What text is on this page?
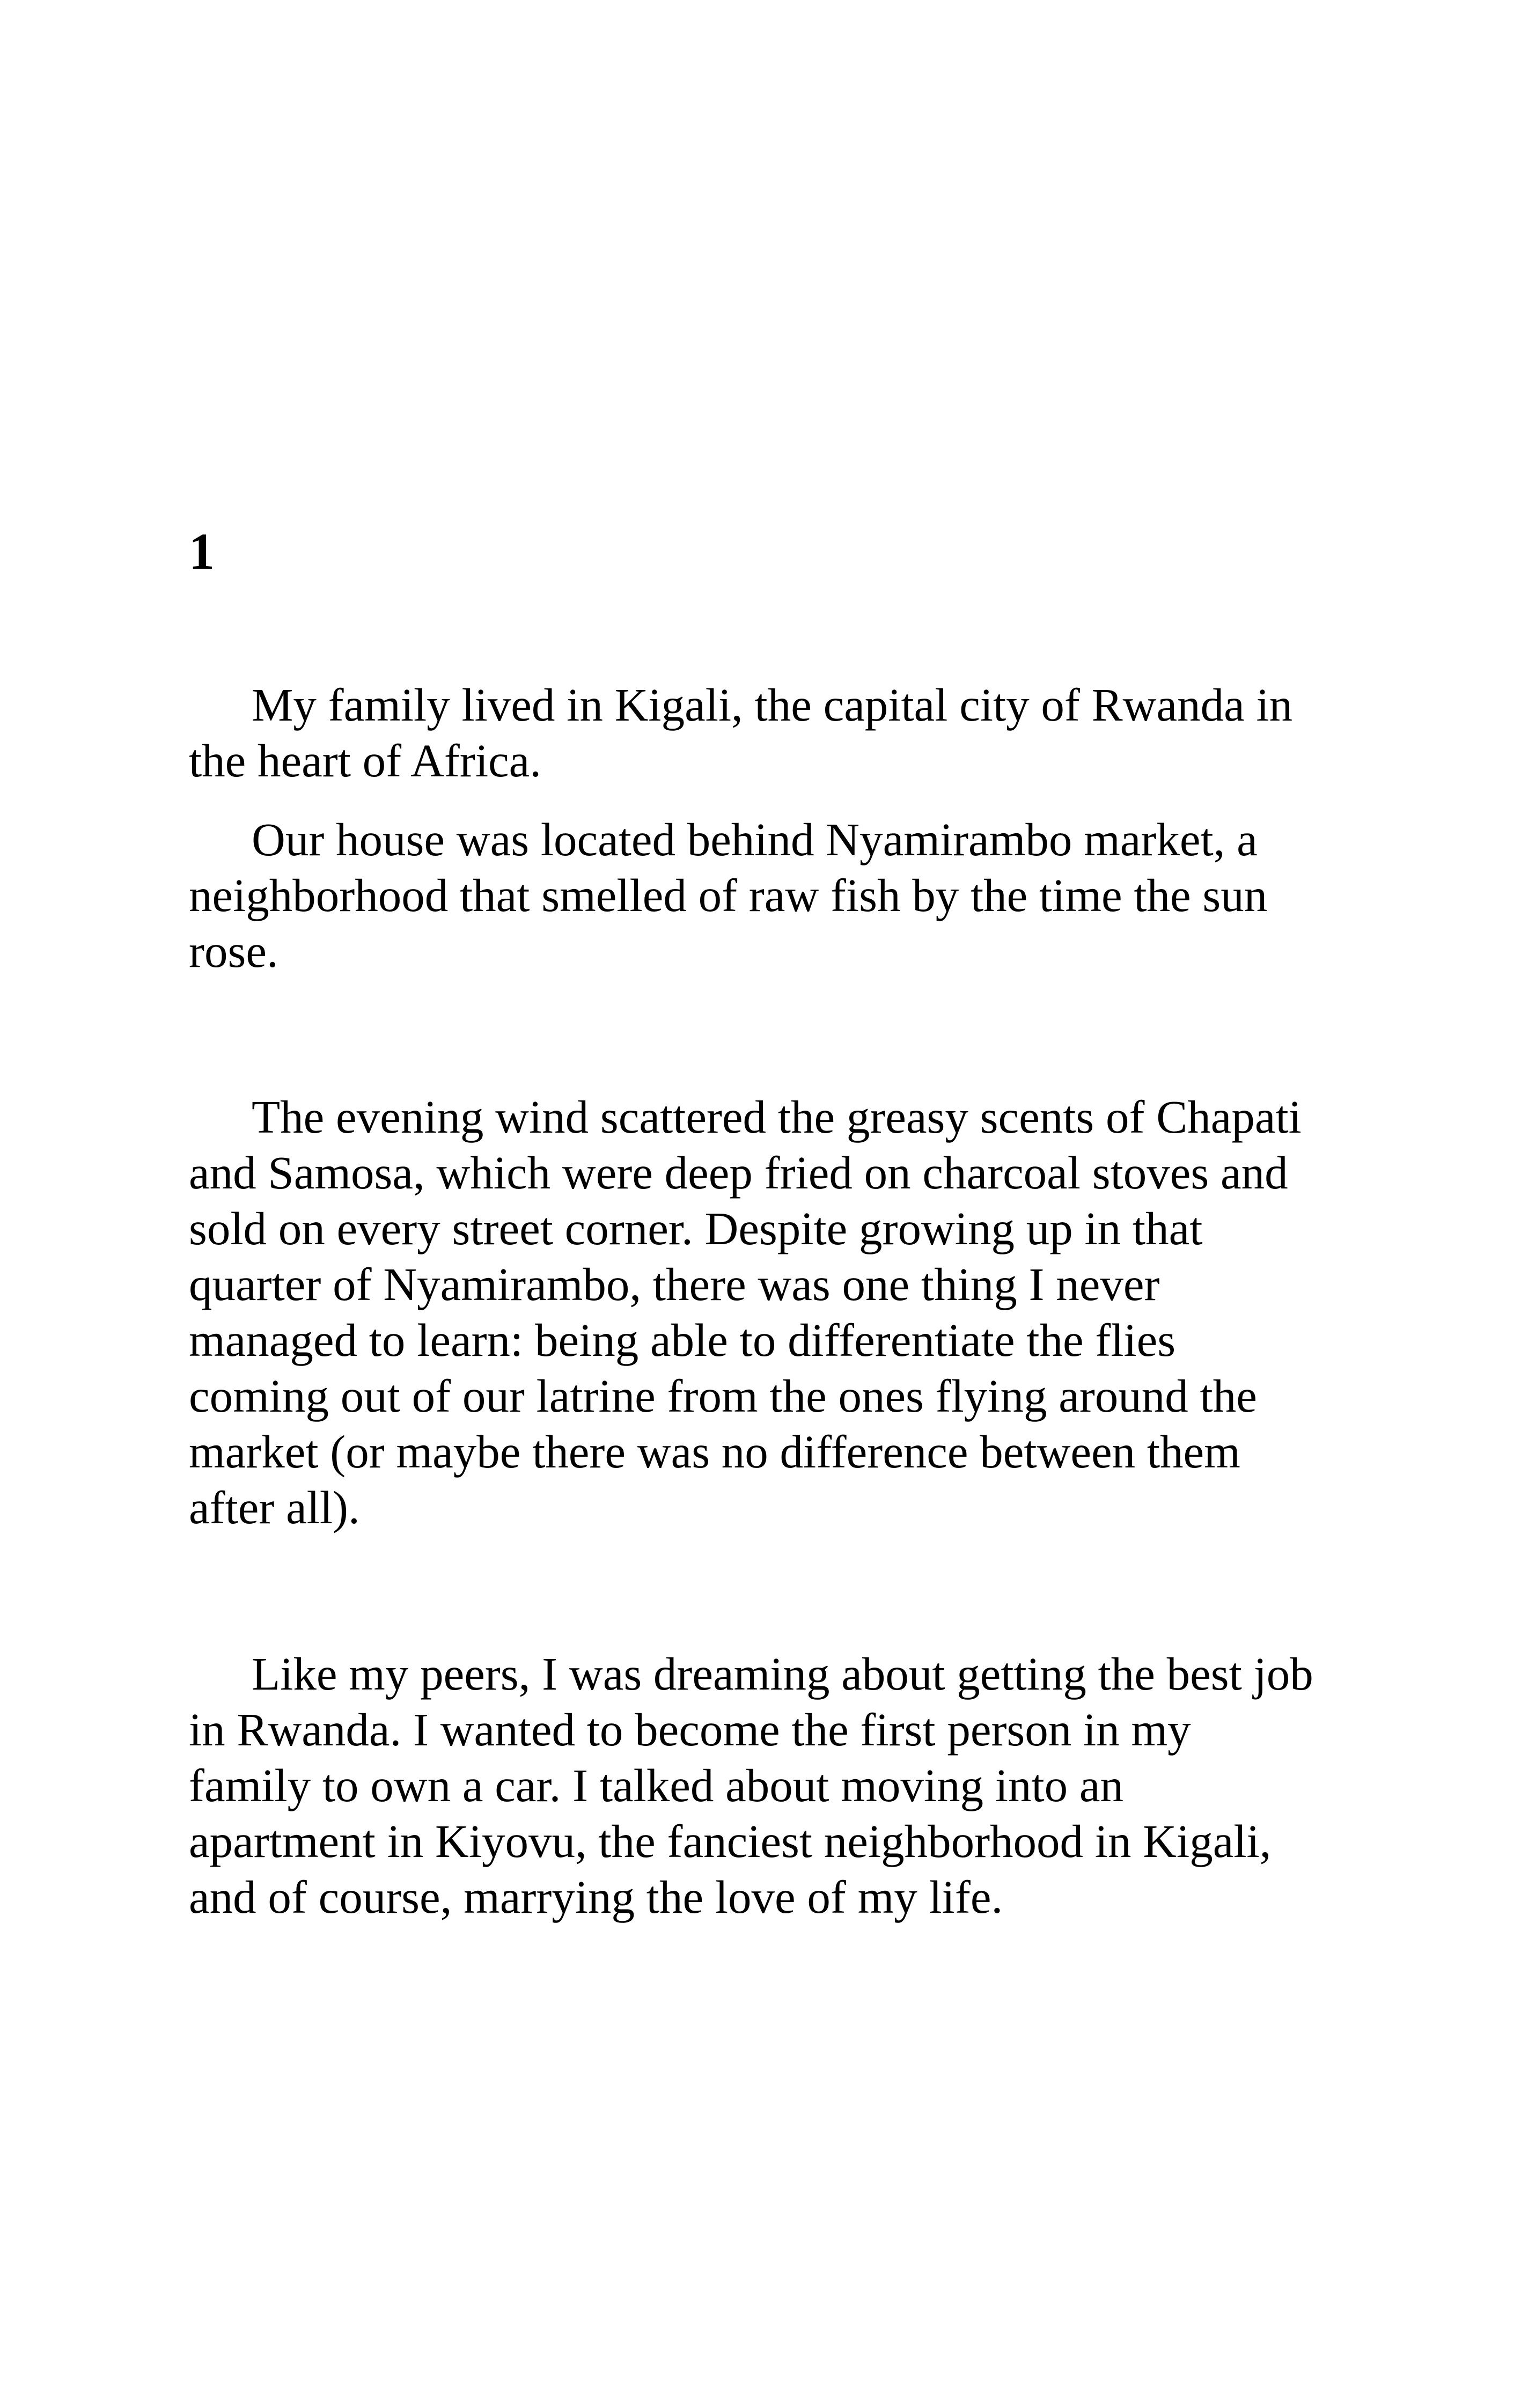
1

My family lived in Kigali, the capital city of Rwanda in the heart of Africa.

Our house was located behind Nyamirambo market, a neighborhood that smelled of raw fish by the time the sun rose.

The evening wind scattered the greasy scents of Chapati and Samosa, which were deep fried on charcoal stoves and sold on every street corner. Despite growing up in that quarter of Nyamirambo, there was one thing I never managed to learn: being able to differentiate the flies coming out of our latrine from the ones flying around the market (or maybe there was no difference between them after all).

Like my peers, I was dreaming about getting the best job in Rwanda. I wanted to become the first person in my family to own a car. I talked about moving into an apartment in Kiyovu, the fanciest neighborhood in Kigali, and of course, marrying the love of my life.
